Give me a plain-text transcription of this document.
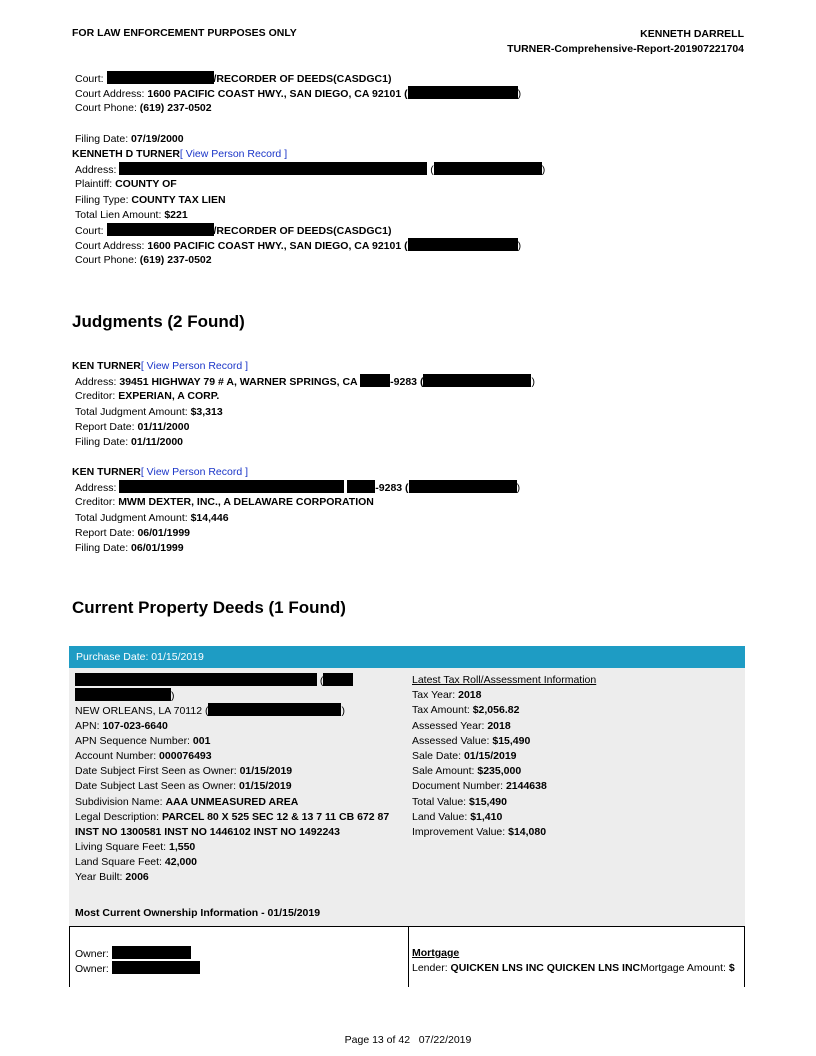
FOR LAW ENFORCEMENT PURPOSES ONLY	KENNETH DARRELL
TURNER-Comprehensive-Report-201907221704
Court:	/RECORDER OF DEEDS(CASDGC1)
Court Address: 1600 PACIFIC COAST HWY., SAN DIEGO, CA 92101 (	)
Court Phone: (619) 237-0502
Filing Date: 07/19/2000
KENNETH D TURNER[ View Person Record ]
Address:	(	)
Plaintiff: COUNTY OF
Filing Type: COUNTY TAX LIEN
Total Lien Amount: $221
Court:	/RECORDER OF DEEDS(CASDGC1)
Court Address: 1600 PACIFIC COAST HWY., SAN DIEGO, CA 92101 (	)
Court Phone: (619) 237-0502
Judgments (2 Found)
KEN TURNER[ View Person Record ]
Address: 39451 HIGHWAY 79 # A, WARNER SPRINGS, CA	-9283 (	)
Creditor: EXPERIAN, A CORP.
Total Judgment Amount: $3,313
Report Date: 01/11/2000
Filing Date: 01/11/2000
KEN TURNER[ View Person Record ]
Address:	-9283 (	)
Creditor: MWM DEXTER, INC., A DELAWARE CORPORATION
Total Judgment Amount: $14,446
Report Date: 06/01/1999
Filing Date: 06/01/1999
Current Property Deeds (1 Found)
Purchase Date: 01/15/2019
(
)
NEW ORLEANS, LA 70112 (	)
APN: 107-023-6640
APN Sequence Number: 001
Account Number: 000076493
Date Subject First Seen as Owner: 01/15/2019
Date Subject Last Seen as Owner: 01/15/2019
Subdivision Name: AAA UNMEASURED AREA
Legal Description: PARCEL 80 X 525 SEC 12 & 13 7 11 CB 672 87
INST NO 1300581 INST NO 1446102 INST NO 1492243
Living Square Feet: 1,550
Land Square Feet: 42,000
Year Built: 2006
Latest Tax Roll/Assessment Information
Tax Year: 2018
Tax Amount: $2,056.82
Assessed Year: 2018
Assessed Value: $15,490
Sale Date: 01/15/2019
Sale Amount: $235,000
Document Number: 2144638
Total Value: $15,490
Land Value: $1,410
Improvement Value: $14,080
Most Current Ownership Information - 01/15/2019
Owner:
Owner:
Mortgage
Lender: QUICKEN LNS INC QUICKEN LNS INCMortgage Amount: $
Page 13 of 42 07/22/2019
